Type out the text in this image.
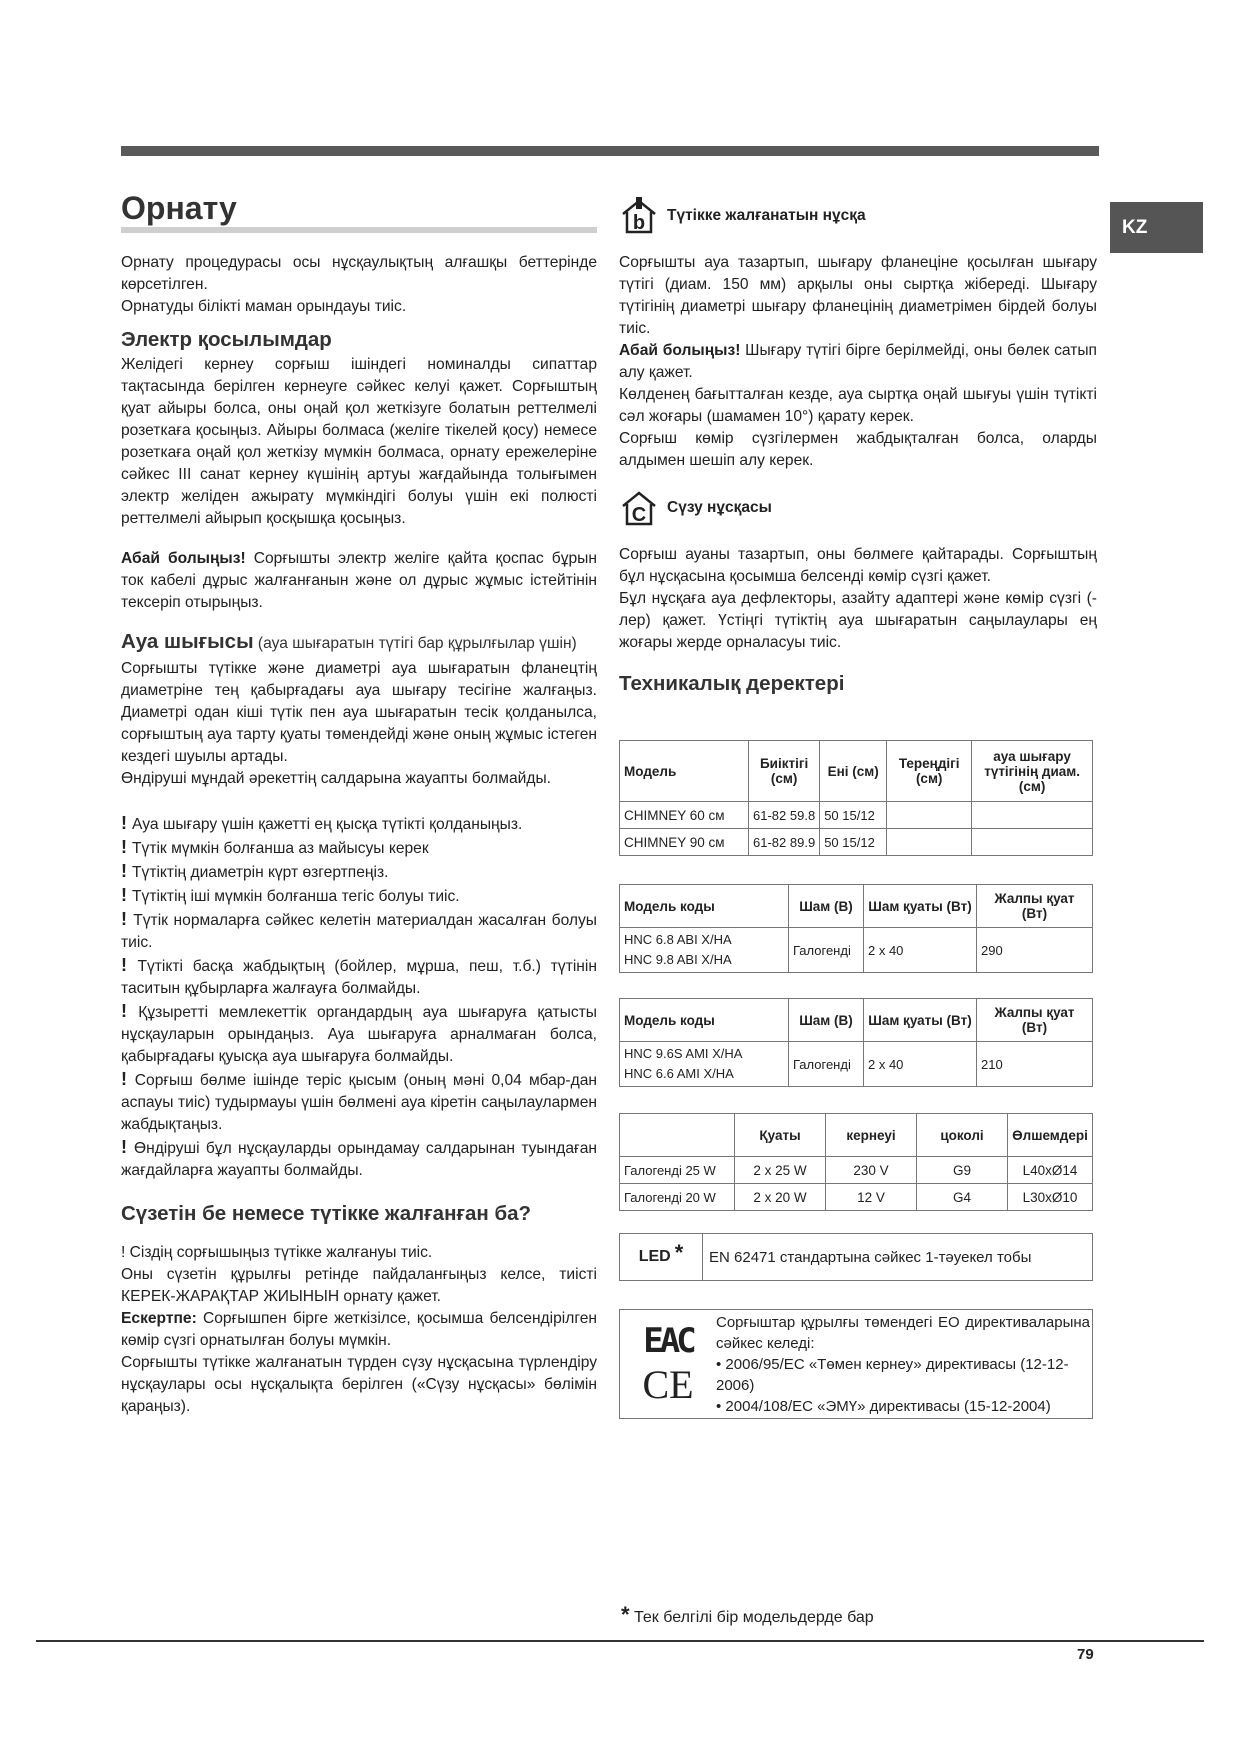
KZ
Орнату

Орнату процедурасы осы нұсқаулықтың алғашқы беттерінде көрсетілген.

Орнатуды білікті маман орындауы тиіс.

Электр қосылымдар

Желідегі кернеу сорғыш ішіндегі номиналды сипаттар тақтасында берілген кернеуге сәйкес келуі қажет. Сорғыштың қуат айыры болса, оны оңай қол жеткізуге болатын реттелмелі розеткаға қосыңыз. Айыры болмаса (желіге тікелей қосу) немесе розеткаға оңай қол жеткізу мүмкін болмаса, орнату ережелеріне сәйкес III санат кернеу күшінің артуы жағдайында толығымен электр желіден ажырату мүмкіндігі болуы үшін екі полюсті реттелмелі айырып қосқышқа қосыңыз.

Абай болыңыз! Сорғышты электр желіге қайта қоспас бұрын ток кабелі дұрыс жалғанғанын және ол дұрыс жұмыс істейтінін тексеріп отырыңыз.

Ауа шығысы (ауа шығаратын түтігі бар құрылғылар үшін)

Сорғышты түтікке және диаметрі ауа шығаратын фланецтің диаметріне тең қабырғадағы ауа шығару тесігіне жалғаңыз. Диаметрі одан кіші түтік пен ауа шығаратын тесік қолданылса, сорғыштың ауа тарту қуаты төмендейді және оның жұмыс істеген кездегі шуылы артады.

Өндіруші мұндай әрекеттің салдарына жауапты болмайды.

! Ауа шығару үшін қажетті ең қысқа түтікті қолданыңыз.

! Түтік мүмкін болғанша аз майысуы керек

! Түтіктің диаметрін күрт өзгертпеңіз.

! Түтіктің іші мүмкін болғанша тегіс болуы тиіс.

! Түтік нормаларға сәйкес келетін материалдан жасалған болуы тиіс.

! Түтікті басқа жабдықтың (бойлер, мұрша, пеш, т.б.) түтінін таситын құбырларға жалғауға болмайды.

! Құзыретті мемлекеттік органдардың ауа шығаруға қатысты нұсқауларын орындаңыз. Ауа шығаруға арналмаған болса, қабырғадағы қуысқа ауа шығаруға болмайды.

! Сорғыш бөлме ішінде теріс қысым (оның мәні 0,04 мбар-дан аспауы тиіс) тудырмауы үшін бөлмені ауа кіретін саңылаулармен жабдықтаңыз.

! Өндіруші бұл нұсқауларды орындамау салдарынан туындаған жағдайларға жауапты болмайды.

Сүзетін бе немесе түтікке жалғанған ба?

! Сіздің сорғышыңыз түтікке жалғануы тиіс.

Оны сүзетін құрылғы ретінде пайдаланғыңыз келсе, тиісті КЕРЕК-ЖАРАҚТАР ЖИЫНЫН орнату қажет.

Ескертпе: Сорғышпен бірге жеткізілсе, қосымша белсендірілген көмір сүзгі орнатылған болуы мүмкін.

Сорғышты түтікке жалғанатын түрден сүзу нұсқасына түрлендіру нұсқаулары осы нұсқалықта берілген («Сүзу нұсқасы» бөлімін қараңыз).

b Түтікке жалғанатын нұсқа

Сорғышты ауа тазартып, шығару фланеціне қосылған шығару түтігі (диам. 150 мм) арқылы оны сыртқа жібереді. Шығару түтігінің диаметрі шығару фланецінің диаметрімен бірдей болуы тиіс.

Абай болыңыз! Шығару түтігі бірге берілмейді, оны бөлек сатып алу қажет.

Көлденең бағытталған кезде, ауа сыртқа оңай шығуы үшін түтікті сәл жоғары (шамамен 10°) қарату керек.

Сорғыш көмір сүзгілермен жабдықталған болса, оларды алдымен шешіп алу керек.

C Сүзу нұсқасы

Сорғыш ауаны тазартып, оны бөлмеге қайтарады. Сорғыштың бұл нұсқасына қосымша белсенді көмір сүзгі қажет.

Бұл нұсқаға ауа дефлекторы, азайту адаптері және көмір сүзгі (-лер) қажет. Үстіңгі түтіктің ауа шығаратын саңылаулары ең жоғары жерде орналасуы тиіс.

Техникалық деректері
Модель	Биіктігі (см)	Ені (см)	Тереңдігі (см)	ауа шығару түтігінің диам. (см)
CHIMNEY 60 см	61-82 59.8	50 15/12		
CHIMNEY 90 см	61-82 89.9	50 15/12		
Модель коды	Шам (В)	Шам қуаты (Вт)	Жалпы қуат (Вт)

HNC 6.8 ABI X/HA
HNC 9.8 ABI X/HA	Галогенді	2 x 40	290
Модель коды	Шам (В)	Шам қуаты (Вт)	Жалпы қуат (Вт)

HNC 9.6S AMI X/HA
HNC 6.6 AMI X/HA	Галогенді	2 x 40	210
	Қуаты	кернеуі	цоколі	Өлшемдері
Галогенді 25 W	2 x 25 W	230 V	G9	L40xØ14
Галогенді 20 W	2 x 20 W	12 V	G4	L30xØ10
LED *	EN 62471 стандартына сәйкес 1-тәуекел тобы
EAC
CE
Сорғыштар құрылғы төмендегі ЕО директиваларына сәйкес келеді:
• 2006/95/EC «Төмен кернеу» директивасы (12-12-2006)
• 2004/108/EC «ЭМҮ» директивасы (15-12-2004)
* Тек белгілі бір модельдерде бар
79
